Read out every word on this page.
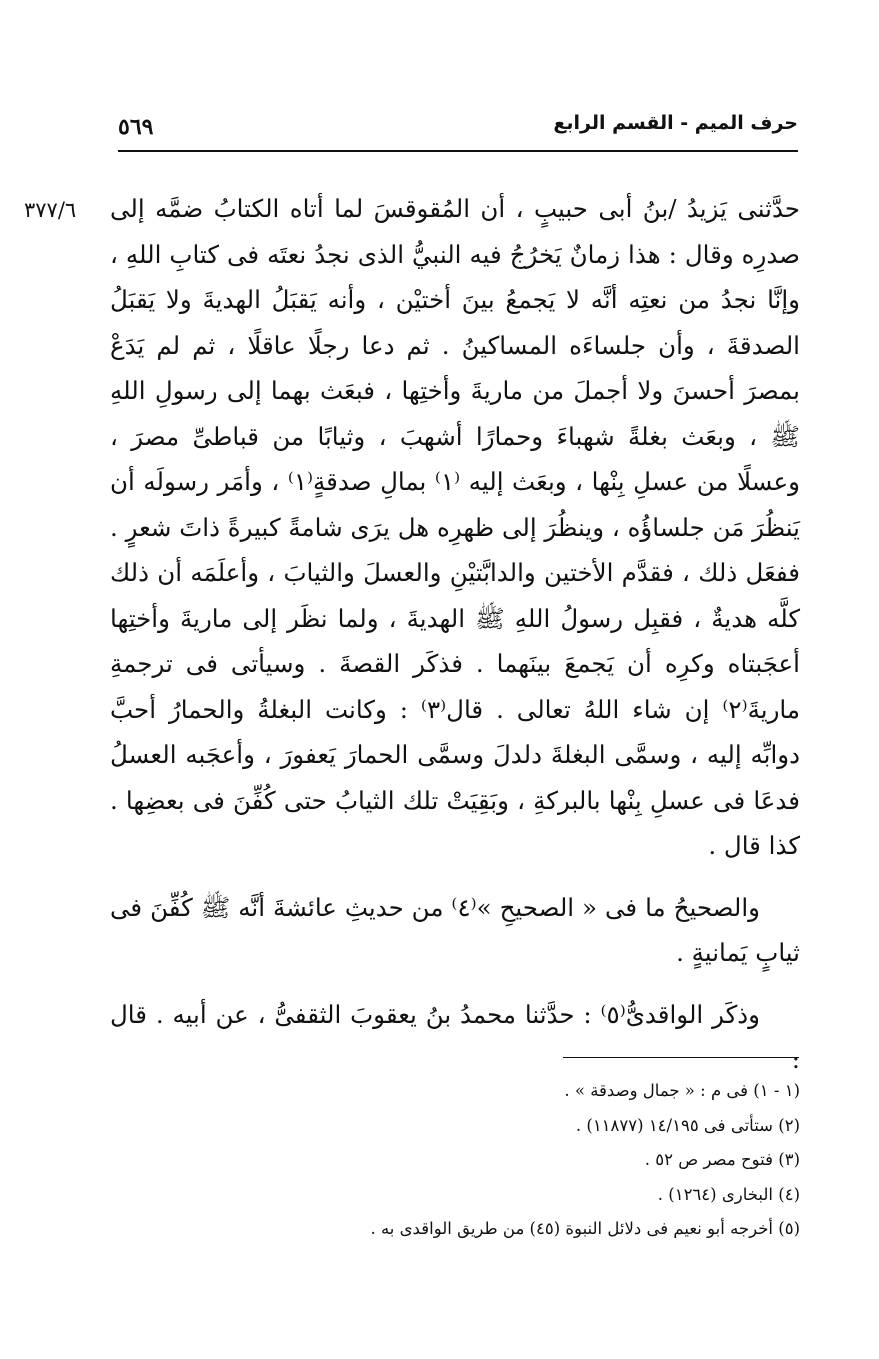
حرف الميم - القسم الرابع
٥٦٩
٣٧٧/٦ حدَّثنى يَزيدُ /بنُ أبى حبيبٍ ، أن المُقوقسَ لما أتاه الكتابُ ضمَّه إلى صدرِه وقال : هذا زمانٌ يَخرُجُ فيه النبيُّ الذى نجدُ نعتَه فى كتابِ اللهِ ، وإنَّا نجدُ من نعتِه أنَّه لا يَجمعُ بينَ أختيْن ، وأنه يَقبَلُ الهديةَ ولا يَقبَلُ الصدقةَ ، وأن جلساءَه المساكينُ . ثم دعا رجلًا عاقلًا ، ثم لم يَدَعْ بمصرَ أحسنَ ولا أجملَ من ماريةَ وأختِها ، فبعَث بهما إلى رسولِ اللهِ ﷺ ، وبعَث بغلةً شهباءَ وحمارًا أشهبَ ، وثيابًا من قباطىِّ مصرَ ، وعسلًا من عسلِ بِنْها ، وبعَث إليه ⁽١⁾ بمالِ صدقةٍ⁽١⁾ ، وأمَر رسولَه أن يَنظُرَ مَن جلساؤُه ، وينظُرَ إلى ظهرِه هل يرَى شامةً كبيرةً ذاتَ شعرٍ . ففعَل ذلك ، فقدَّم الأختين والدابَّتيْنِ والعسلَ والثيابَ ، وأعلَمَه أن ذلك كلَّه هديةٌ ، فقبِل رسولُ اللهِ ﷺ الهديةَ ، ولما نظَر إلى ماريةَ وأختِها أعجَبتاه وكرِه أن يَجمعَ بينَهما . فذكَر القصةَ . وسيأتى فى ترجمةِ ماريةَ⁽٢⁾ إن شاء اللهُ تعالى . قال⁽٣⁾ : وكانت البغلةُ والحمارُ أحبَّ دوابِّه إليه ، وسمَّى البغلةَ دلدلَ وسمَّى الحمارَ يَعفورَ ، وأعجَبه العسلُ فدعَا فى عسلِ بِنْها بالبركةِ ، وبَقِيَتْ تلك الثيابُ حتى كُفِّنَ فى بعضِها . كذا قال .

والصحيحُ ما فى « الصحيحِ »⁽٤⁾ من حديثِ عائشةَ أنَّه ﷺ كُفِّنَ فى ثيابٍ يَمانيةٍ .

وذكَر الواقدىُّ⁽٥⁾ : حدَّثنا محمدُ بنُ يعقوبَ الثقفىُّ ، عن أبيه . قال :

(١ - ١) فى م : « جمال وصدقة » .

(٢) ستأتى فى ١٤/١٩٥ (١١٨٧٧) .

(٣) فتوح مصر ص ٥٢ .

(٤) البخارى (١٢٦٤) .

(٥) أخرجه أبو نعيم فى دلائل النبوة (٤٥) من طريق الواقدى به .
